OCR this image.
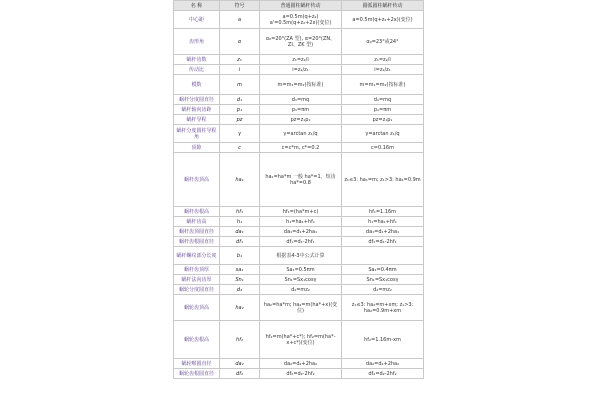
名 称	符号	普通圆柱蜗杆传动	圆弧圆柱蜗杆传动
中心距	a	a=0.5m(q+z₂) a'=0.5m(q+z₂+2x)(变位)	a=0.5m(q+z₂+2x)(变位)
齿形角	α	α₀=20°(ZA 型), α=20°(ZN、ZI、ZK 型)	α₀=23°或24°
蜗杆齿数	z₁	z₁=z₂/i	z₁=z₂/i
传动比	i	i=z₂/z₁	i=z₂/z₁
模数	m	m=m₁=m₂(按标准)	m=m₁=m₂(按标准)
蜗杆分度圆直径	d₁	d₁=mq	d₁=mq
蜗杆轴向齿距	p₁	p₁=πm	p₁=πm
蜗杆导程	pz	pz=z₁p₁	pz=z₁p₁
蜗杆分度圆柱导程角	γ	γ=arctan z₁/q	γ=arctan z₁/q
顶隙	c	c=c*m, c*=0.2	c=0.16m
蜗杆齿顶高	ha₁	ha₁=ha*m 一般 ha*=1，短齿 ha*=0.8	z₁≤3: ha₁=m; z₁>3: ha₁=0.9m
蜗杆齿根高	hf₁	hf₁=(ha*m+c)	hf₁=1.16m
蜗杆齿高	h₁	h₁=ha₁+hf₁	h₁=ha₁+hf₁
蜗杆齿顶圆直径	da₁	da₁=d₁+2ha₁	da₁=d₁+2ha₁
蜗杆齿根圆直径	df₁	df₁=d₁-2hf₁	df₁=d₁-2hf₁
蜗杆螺纹部分长度	b₁	根据表4-3中公式计算	
蜗杆齿顶厚	sa₁	Sa₁=0.5πm	Sa₁=0.4πm
蜗杆法向齿厚	Sn₁	Sn₁=Sx₁cosγ	Sn₁=Sx₁cosγ
蜗轮分度圆直径	d₂	d₂=mz₂	d₂=mz₂
蜗轮齿顶高	ha₂	ha₂=ha*m; ha₂=m(ha*+x)(变位)	z₁≤3: ha₂=m+xm; z₁>3: ha₂=0.9m+xm
蜗轮齿根高	hf₂	hf₂=m(ha*+c*); hf₂=m(ha*-x+c*)(变位)	hf₂=1.16m-xm
蜗轮喉圆直径	da₂	da₂=d₂+2ha₂	da₂=d₂+2ha₂
蜗轮齿根圆直径	df₂	df₂=d₂-2hf₂	df₂=d₂-2hf₂
